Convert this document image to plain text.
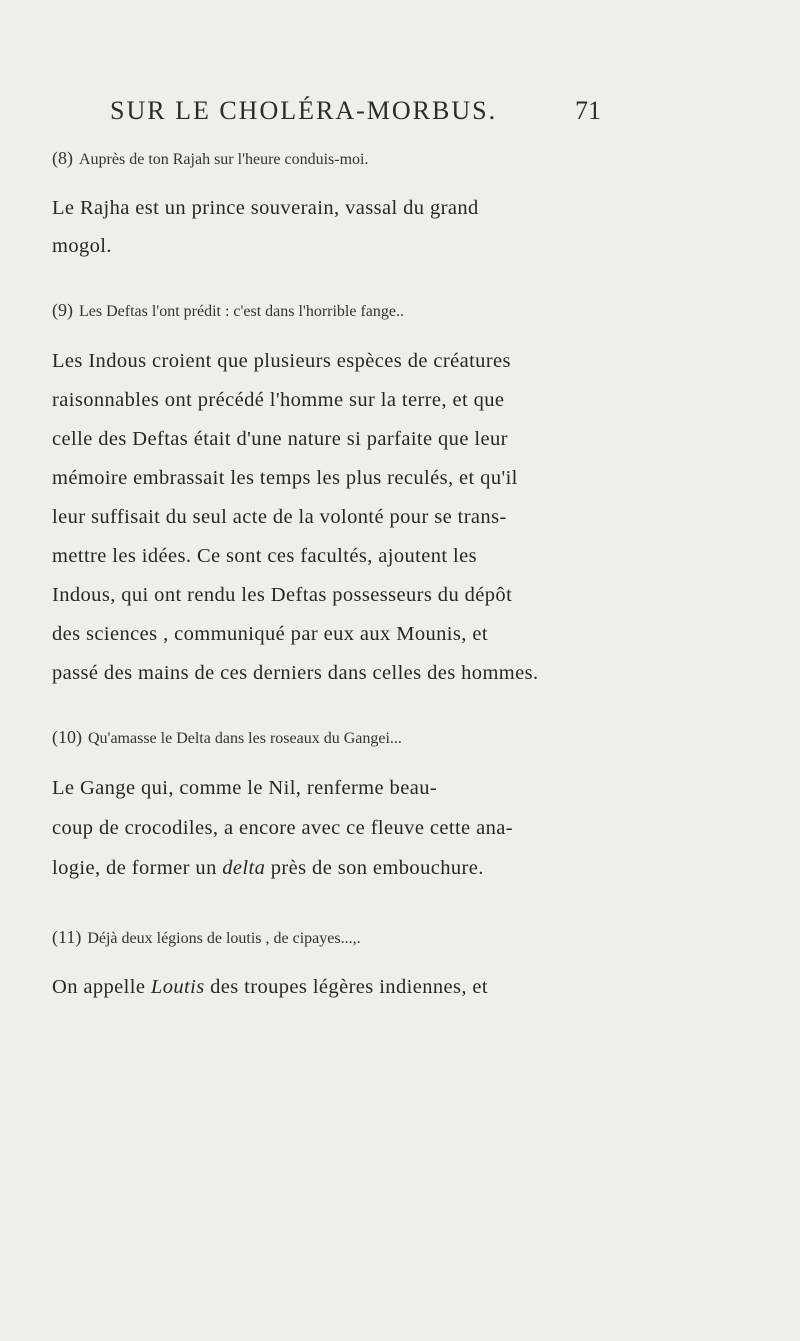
SUR LE CHOLÉRA-MORBUS.	71
(8) Auprès de ton Rajah sur l'heure conduis-moi.
Le Rajha est un prince souverain, vassal du grand
mogol.
(9) Les Deftas l'ont prédit : c'est dans l'horrible fange..
Les Indous croient que plusieurs espèces de créatures
raisonnables ont précédé l'homme sur la terre, et que
celle des Deftas était d'une nature si parfaite que leur
mémoire embrassait les temps les plus reculés, et qu'il
leur suffisait du seul acte de la volonté pour se trans-
mettre les idées. Ce sont ces facultés, ajoutent les
Indous, qui ont rendu les Deftas possesseurs du dépôt
des sciences , communiqué par eux aux Mounis, et
passé des mains de ces derniers dans celles des hommes.
(10) Qu'amasse le Delta dans les roseaux du Gangei...
Le Gange qui, comme le Nil, renferme beau-
coup de crocodiles, a encore avec ce fleuve cette ana-
logie, de former un delta près de son embouchure.
(11) Déjà deux légions de loutis , de cipayes...,.
On appelle Loutis des troupes légères indiennes, et
